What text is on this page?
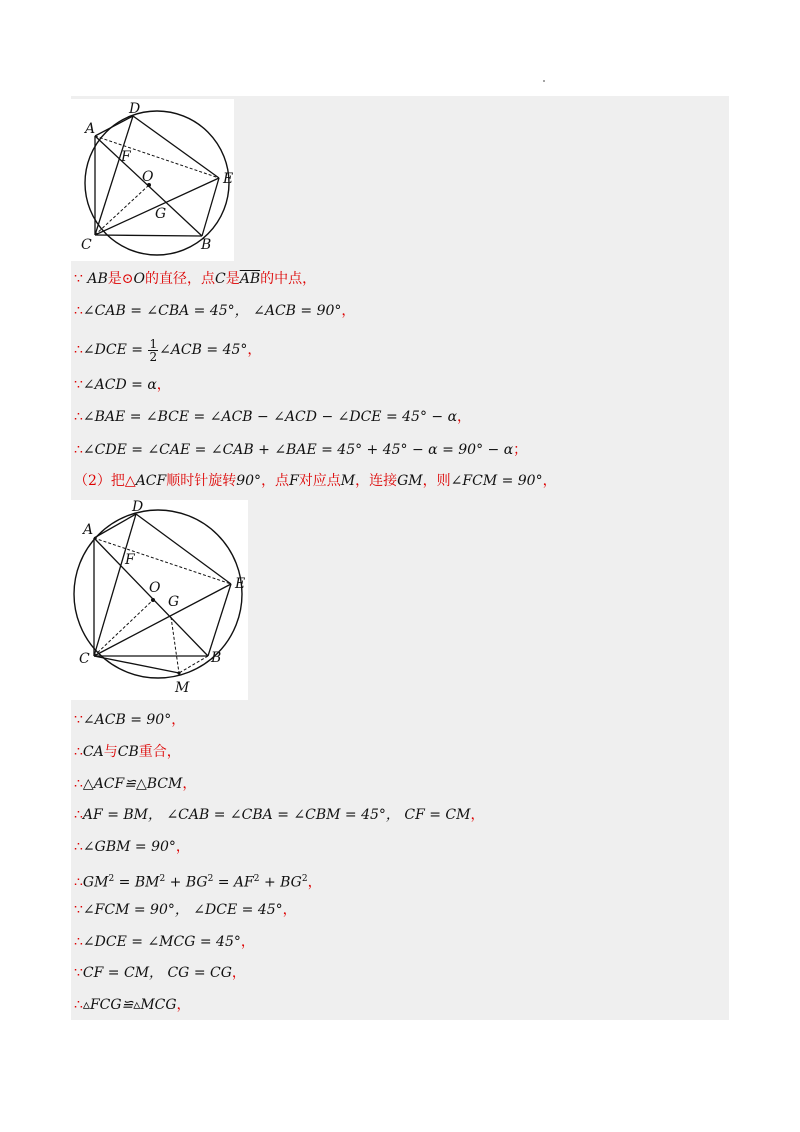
A
D
F
O	E
G
C	B
∵ AB是⊙O的直径，点C是$\overline{AB}$的中点，
∴∠CAB = ∠CBA = 45°， ∠ACB = 90°，
∴∠DCE = $\frac{1}{2}$ ∠ACB = 45°，
∵∠ACD = α，
∴∠BAE = ∠BCE = ∠ACB − ∠ACD − ∠DCE = 45° − α，
∴∠CDE = ∠CAE = ∠CAB + ∠BAE = 45° + 45° − α = 90° − α；
（2）把△ACF顺时针旋转90°，点F对应点M，连接GM，则∠FCM = 90°，
A
D
F
O	E
G
C	B
M
∵∠ACB = 90°，
∴CA与CB重合，
∴△ACF≌△BCM，
∴AF = BM， ∠CAB = ∠CBA = ∠CBM = 45°， CF = CM，
∴∠GBM = 90°，
$\therefore GM^2 = BM^2 + BG^2 = AF^2 + BG^2$，
∵∠FCM = 90°， ∠DCE = 45°，
∴∠DCE = ∠MCG = 45°，
∵CF = CM， CG = CG，
∴▵FCG≌▵MCG，
